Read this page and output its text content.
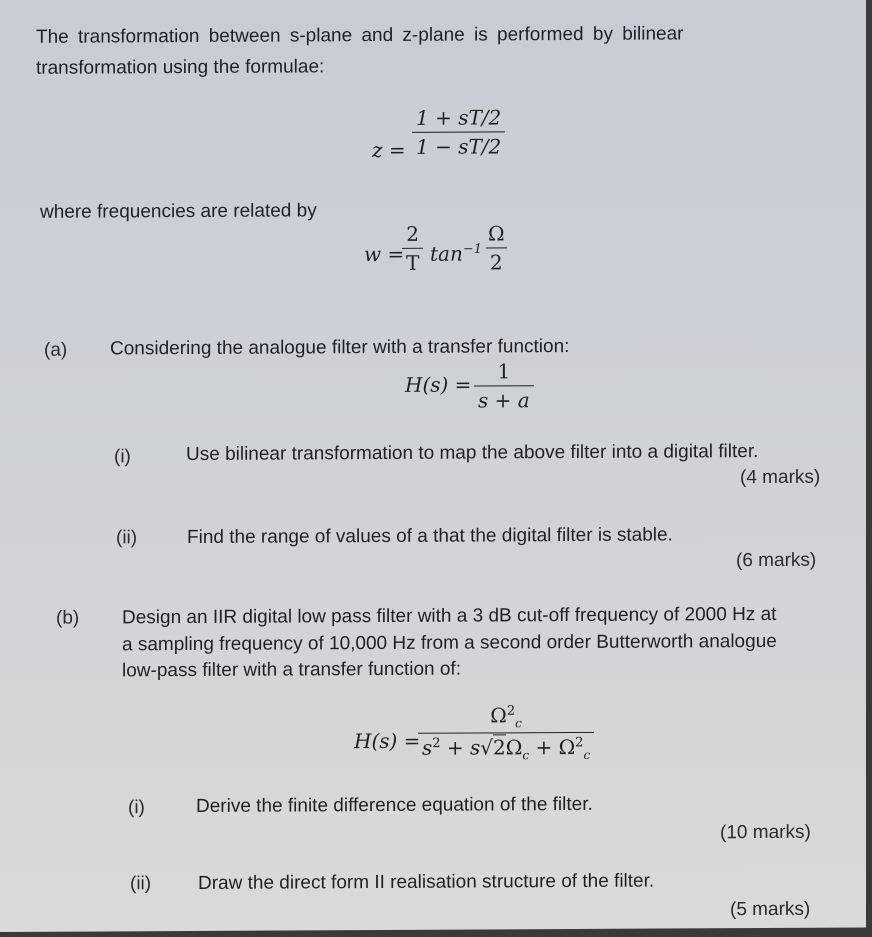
The transformation between s-plane and z-plane is performed by bilinear
transformation using the formulae:
$z = \frac{1 + sT/2}{1 - sT/2}$
where frequencies are related by
w =
$\frac{2}{T} \tan^{-1} \frac{\Omega}{2}$
(a) Considering the analogue filter with a transfer function:
$H(s) = \frac{1}{s + a}$
(i)	Use bilinear transformation to map the above filter into a digital filter.
(4 marks)
(ii)	Find the range of values of a that the digital filter is stable.
(6 marks)
(b) Design an IIR digital low pass filter with a 3 dB cut-off frequency of 2000 Hz at
a sampling frequency of 10,000 Hz from a second order Butterworth analogue
low-pass filter with a transfer function of:
H(s) =
$\frac{\Omega^2_c}{s^2 + s√2\Omega_c + \Omega^2_c}$
(i)	Derive the finite difference equation of the filter.
(10 marks)
(ii) Draw the direct form II realisation structure of the filter.
(5 marks)
